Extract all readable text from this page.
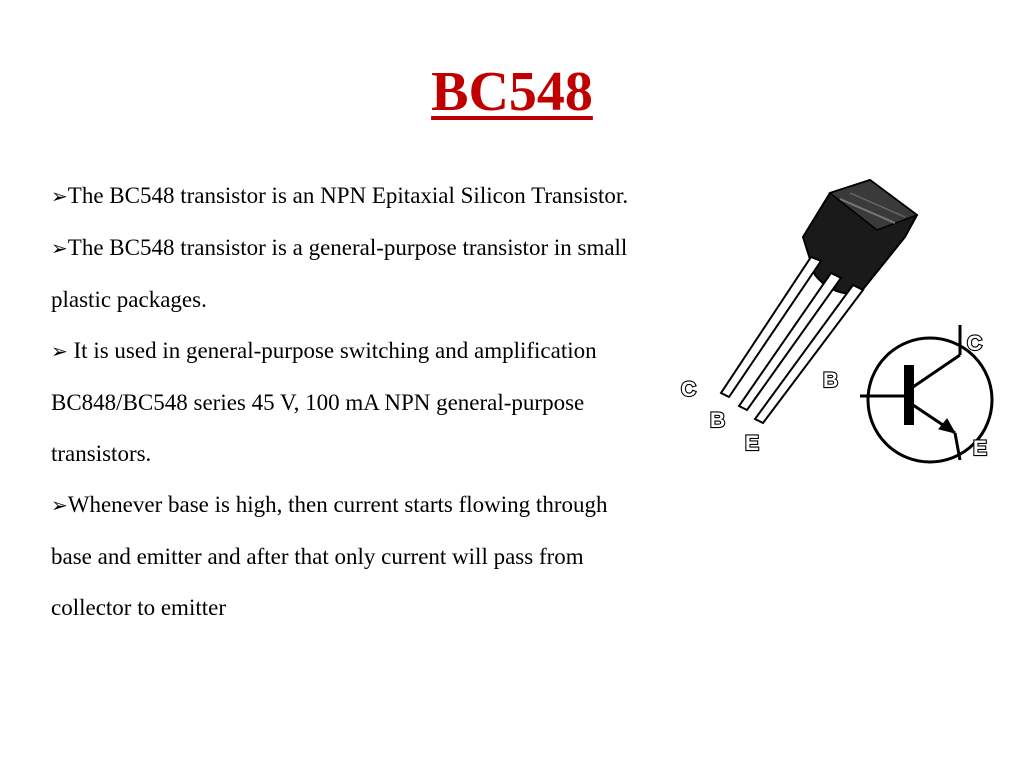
BC548
➢The BC548 transistor is an NPN Epitaxial Silicon Transistor.
➢The BC548 transistor is a general-purpose transistor in small plastic packages.
➢ It is used in general-purpose switching and amplification BC848/BC548 series 45 V, 100 mA NPN general-purpose transistors.
➢Whenever base is high, then current starts flowing through base and emitter and after that only current will pass from collector to emitter
C
B
E
C
B
E
